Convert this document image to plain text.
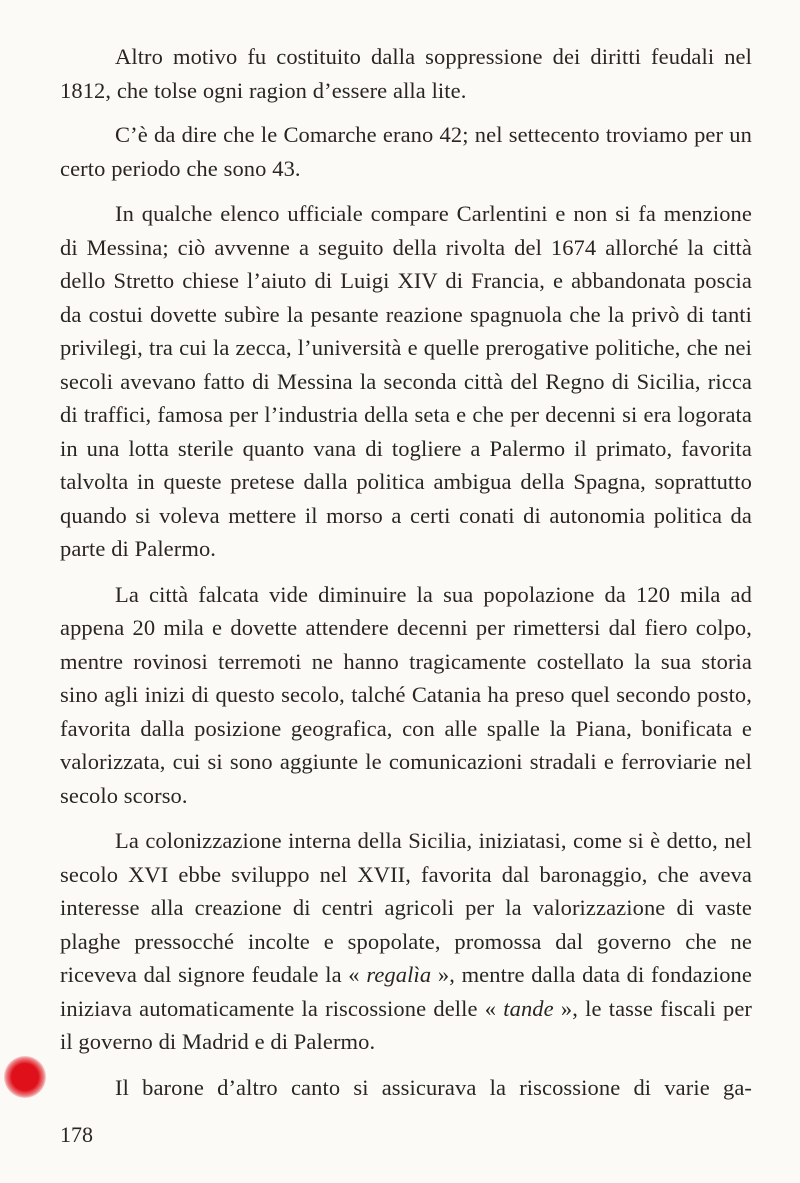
Altro motivo fu costituito dalla soppressione dei diritti feudali nel 1812, che tolse ogni ragion d’essere alla lite.

C’è da dire che le Comarche erano 42; nel settecento troviamo per un certo periodo che sono 43.

In qualche elenco ufficiale compare Carlentini e non si fa menzione di Messina; ciò avvenne a seguito della rivolta del 1674 allorché la città dello Stretto chiese l’aiuto di Luigi XIV di Francia, e abbandonata poscia da costui dovette subìre la pesante reazione spagnuola che la privò di tanti privilegi, tra cui la zecca, l’università e quelle prerogative politiche, che nei secoli avevano fatto di Messina la seconda città del Regno di Sicilia, ricca di traffici, famosa per l’industria della seta e che per decenni si era logorata in una lotta sterile quanto vana di togliere a Palermo il primato, favorita talvolta in queste pretese dalla politica ambigua della Spagna, soprattutto quando si voleva mettere il morso a certi conati di autonomia politica da parte di Palermo.

La città falcata vide diminuire la sua popolazione da 120 mila ad appena 20 mila e dovette attendere decenni per rimettersi dal fiero colpo, mentre rovinosi terremoti ne hanno tragicamente costellato la sua storia sino agli inizi di questo secolo, talché Catania ha preso quel secondo posto, favorita dalla posizione geografica, con alle spalle la Piana, bonificata e valorizzata, cui si sono aggiunte le comunicazioni stradali e ferroviarie nel secolo scorso.

La colonizzazione interna della Sicilia, iniziatasi, come si è detto, nel secolo XVI ebbe sviluppo nel XVII, favorita dal baronaggio, che aveva interesse alla creazione di centri agricoli per la valorizzazione di vaste plaghe pressocché incolte e spopolate, promossa dal governo che ne riceveva dal signore feudale la « regalìa », mentre dalla data di fondazione iniziava automaticamente la riscossione delle « tande », le tasse fiscali per il governo di Madrid e di Palermo.

Il barone d’altro canto si assicurava la riscossione di varie ga-

178
